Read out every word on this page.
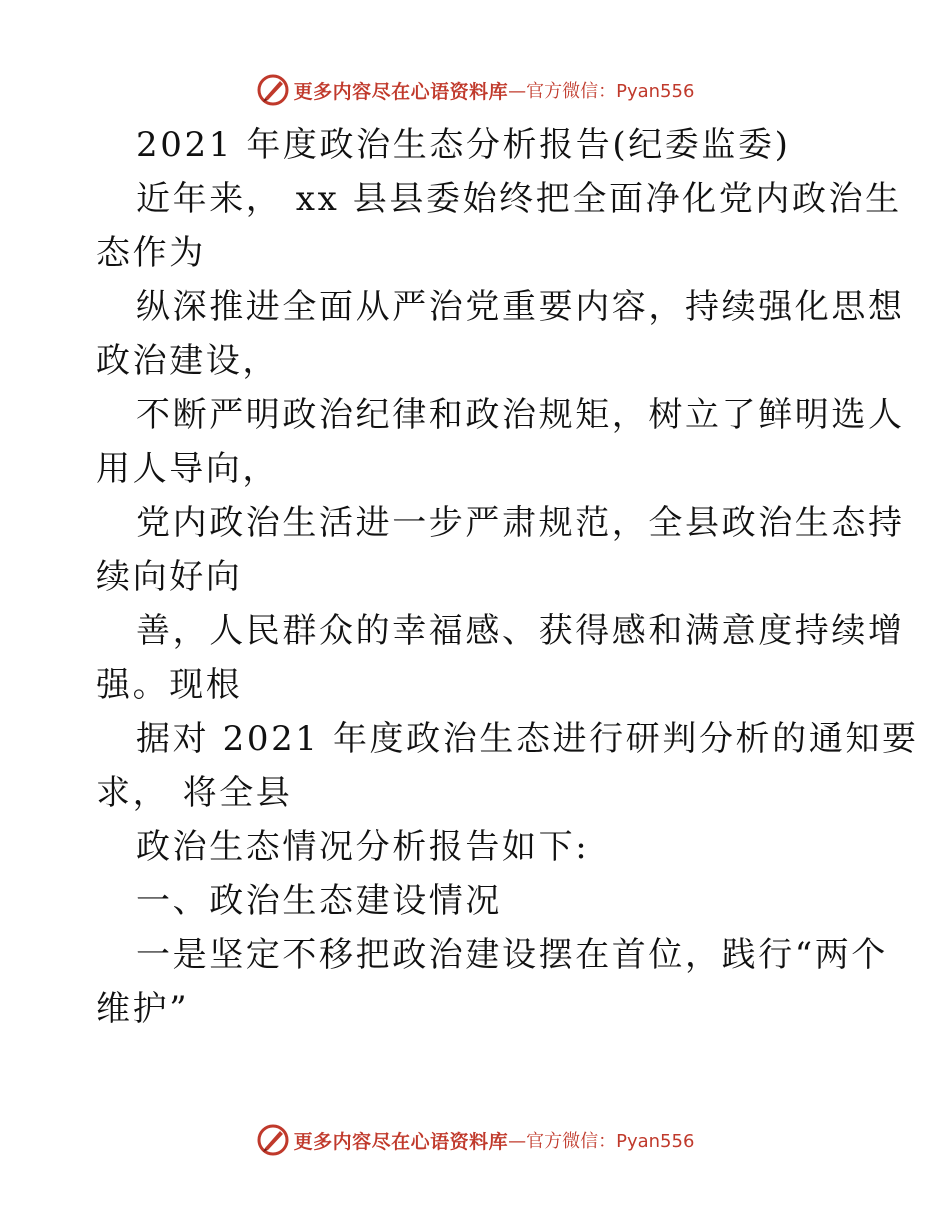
更多内容尽在心语资料库 —官方微信：Pyan556
2021 年度政治生态分析报告(纪委监委)
近年来， xx 县县委始终把全面净化党内政治生
态作为
纵深推进全面从严治党重要内容，持续强化思想
政治建设，
不断严明政治纪律和政治规矩，树立了鲜明选人
用人导向，
党内政治生活进一步严肃规范，全县政治生态持
续向好向
善，人民群众的幸福感、获得感和满意度持续增
强。现根
据对 2021 年度政治生态进行研判分析的通知要
求， 将全县
政治生态情况分析报告如下:
一、政治生态建设情况
一是坚定不移把政治建设摆在首位，践行“两个
维护”
更多内容尽在心语资料库 —官方微信：Pyan556
